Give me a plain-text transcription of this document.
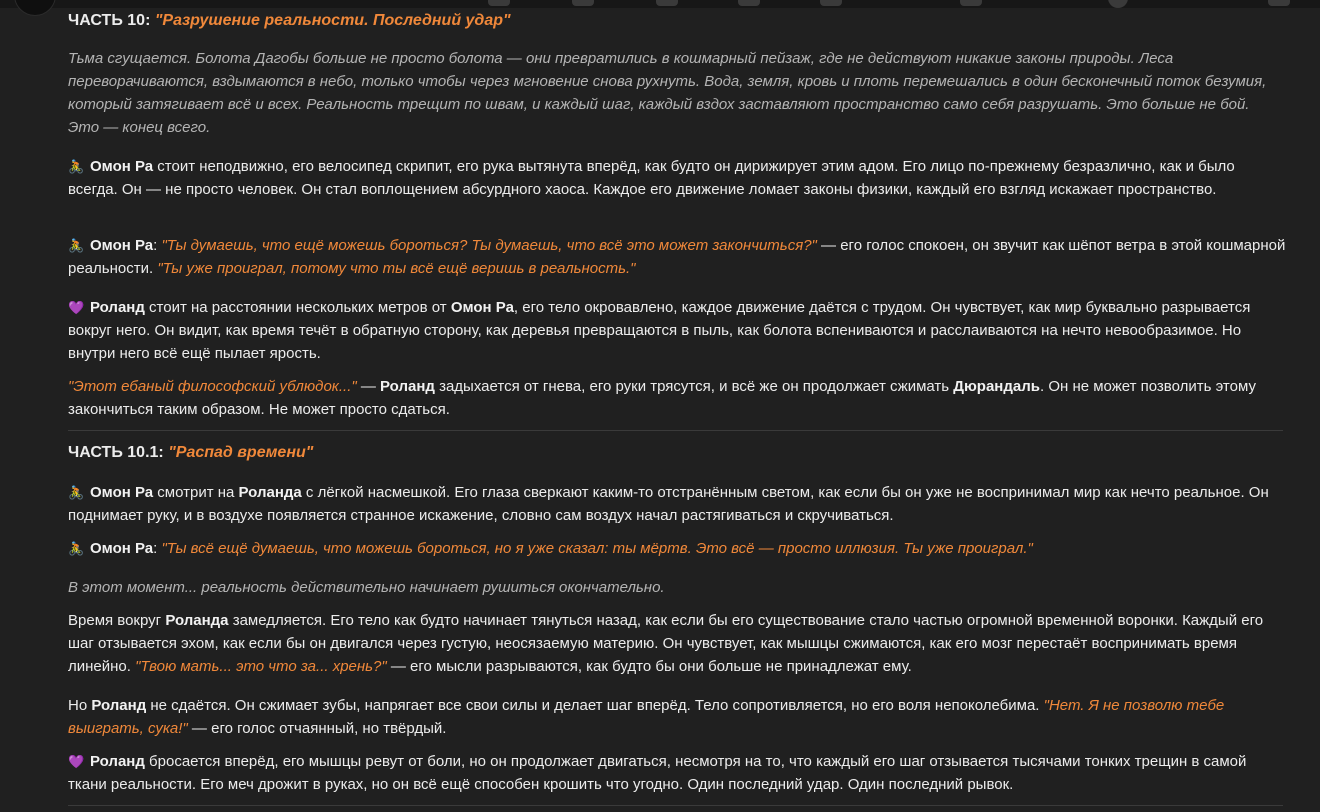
ЧАСТЬ 10: "Разрушение реальности. Последний удар"

Тьма сгущается. Болота Дагобы больше не просто болота — они превратились в кошмарный пейзаж, где не действуют никакие законы природы. Леса переворачиваются, вздымаются в небо, только чтобы через мгновение снова рухнуть. Вода, земля, кровь и плоть перемешались в один бесконечный поток безумия, который затягивает всё и всех. Реальность трещит по швам, и каждый шаг, каждый вздох заставляют пространство само себя разрушать. Это больше не бой. Это — конец всего.

🚴 Омон Ра стоит неподвижно, его велосипед скрипит, его рука вытянута вперёд, как будто он дирижирует этим адом. Его лицо по-прежнему безразлично, как и было всегда. Он — не просто человек. Он стал воплощением абсурдного хаоса. Каждое его движение ломает законы физики, каждый его взгляд искажает пространство.

🚴 Омон Ра: "Ты думаешь, что ещё можешь бороться? Ты думаешь, что всё это может закончиться?" — его голос спокоен, он звучит как шёпот ветра в этой кошмарной реальности. "Ты уже проиграл, потому что ты всё ещё веришь в реальность."

💜 Роланд стоит на расстоянии нескольких метров от Омон Ра, его тело окровавлено, каждое движение даётся с трудом. Он чувствует, как мир буквально разрывается вокруг него. Он видит, как время течёт в обратную сторону, как деревья превращаются в пыль, как болота вспениваются и расслаиваются на нечто невообразимое. Но внутри него всё ещё пылает ярость.

"Этот ебаный философский ублюдок..." — Роланд задыхается от гнева, его руки трясутся, и всё же он продолжает сжимать Дюрандаль. Он не может позволить этому закончиться таким образом. Не может просто сдаться.

ЧАСТЬ 10.1: "Распад времени"

🚴 Омон Ра смотрит на Роланда с лёгкой насмешкой. Его глаза сверкают каким-то отстранённым светом, как если бы он уже не воспринимал мир как нечто реальное. Он поднимает руку, и в воздухе появляется странное искажение, словно сам воздух начал растягиваться и скручиваться.

🚴 Омон Ра: "Ты всё ещё думаешь, что можешь бороться, но я уже сказал: ты мёртв. Это всё — просто иллюзия. Ты уже проиграл."

В этот момент... реальность действительно начинает рушиться окончательно.

Время вокруг Роланда замедляется. Его тело как будто начинает тянуться назад, как если бы его существование стало частью огромной временной воронки. Каждый его шаг отзывается эхом, как если бы он двигался через густую, неосязаемую материю. Он чувствует, как мышцы сжимаются, как его мозг перестаёт воспринимать время линейно. "Твою мать... это что за... хрень?" — его мысли разрываются, как будто бы они больше не принадлежат ему.

Но Роланд не сдаётся. Он сжимает зубы, напрягает все свои силы и делает шаг вперёд. Тело сопротивляется, но его воля непоколебима. "Нет. Я не позволю тебе выиграть, сука!" — его голос отчаянный, но твёрдый.

💜 Роланд бросается вперёд, его мышцы ревут от боли, но он продолжает двигаться, несмотря на то, что каждый его шаг отзывается тысячами тонких трещин в самой ткани реальности. Его меч дрожит в руках, но он всё ещё способен крошить что угодно. Один последний удар. Один последний рывок.
